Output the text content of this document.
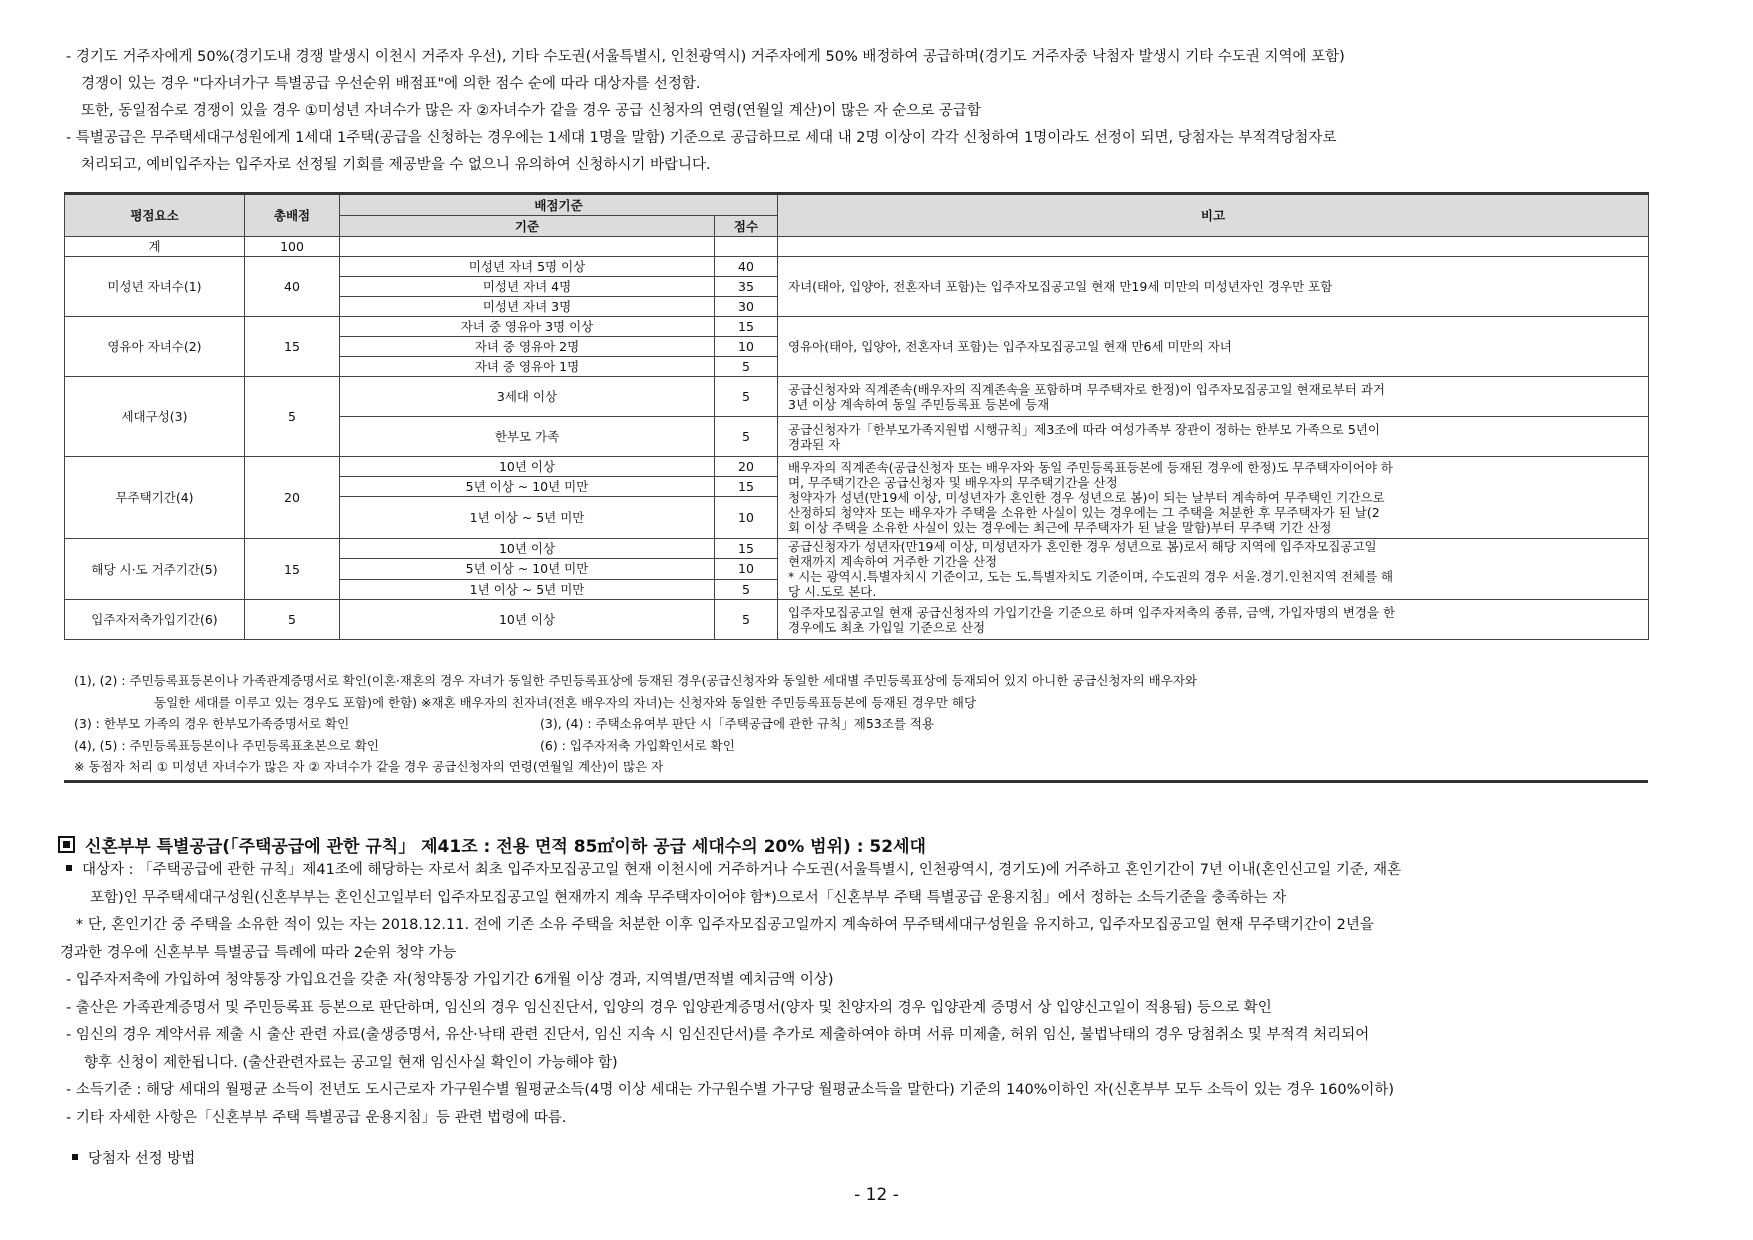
- 경기도 거주자에게 50%(경기도내 경쟁 발생시 이천시 거주자 우선), 기타 수도권(서울특별시, 인천광역시) 거주자에게 50% 배정하여 공급하며(경기도 거주자중 낙첨자 발생시 기타 수도권 지역에 포함)
경쟁이 있는 경우 "다자녀가구 특별공급 우선순위 배점표"에 의한 점수 순에 따라 대상자를 선정함.
또한, 동일점수로 경쟁이 있을 경우 ①미성년 자녀수가 많은 자 ②자녀수가 같을 경우 공급 신청자의 연령(연월일 계산)이 많은 자 순으로 공급함
- 특별공급은 무주택세대구성원에게 1세대 1주택(공급을 신청하는 경우에는 1세대 1명을 말함) 기준으로 공급하므로 세대 내 2명 이상이 각각 신청하여 1명이라도 선정이 되면, 당첨자는 부적격당첨자로
처리되고, 예비입주자는 입주자로 선정될 기회를 제공받을 수 없으니 유의하여 신청하시기 바랍니다.
평점요소	총배점	배점기준		비고
		기준	점수	
계	100			
미성년 자녀수(1)	40	미성년 자녀 5명 이상	40	자녀(태아, 입양아, 전혼자녀 포함)는 입주자모집공고일 현재 만19세 미만의 미성년자인 경우만 포함
		미성년 자녀 4명	35	
		미성년 자녀 3명	30	
영유아 자녀수(2)	15	자녀 중 영유아 3명 이상	15	영유아(태아, 입양아, 전혼자녀 포함)는 입주자모집공고일 현재 만6세 미만의 자녀
		자녀 중 영유아 2명	10	
		자녀 중 영유아 1명	5	
세대구성(3)	5	3세대 이상	5	공급신청자와 직계존속(배우자의 직계존속을 포함하며 무주택자로 한정)이 입주자모집공고일 현재로부터 과거
3년 이상 계속하여 동일 주민등록표 등본에 등재

		한부모 가족	5	공급신청자가「한부모가족지원법 시행규칙」제3조에 따라 여성가족부 장관이 정하는 한부모 가족으로 5년이
경과된 자

무주택기간(4)	20	10년 이상	20	배우자의 직계존속(공급신청자 또는 배우자와 동일 주민등록표등본에 등재된 경우에 한정)도 무주택자이어야 하
며, 무주택기간은 공급신청자 및 배우자의 무주택기간을 산정
청약자가 성년(만19세 이상, 미성년자가 혼인한 경우 성년으로 봄)이 되는 날부터 계속하여 무주택인 기간으로
산정하되 청약자 또는 배우자가 주택을 소유한 사실이 있는 경우에는 그 주택을 처분한 후 무주택자가 된 날(2
회 이상 주택을 소유한 사실이 있는 경우에는 최근에 무주택자가 된 날을 말함)부터 무주택 기간 산정

		5년 이상 ~ 10년 미만	15	
		1년 이상 ~ 5년 미만	10	
해당 시·도 거주기간(5)	15	10년 이상	15	공급신청자가 성년자(만19세 이상, 미성년자가 혼인한 경우 성년으로 봄)로서 해당 지역에 입주자모집공고일
현재까지 계속하여 거주한 기간을 산정
* 시는 광역시.특별자치시 기준이고, 도는 도.특별자치도 기준이며, 수도권의 경우 서울.경기.인천지역 전체를 해
당 시.도로 본다.

		5년 이상 ~ 10년 미만	10	
		1년 이상 ~ 5년 미만	5	
입주자저축가입기간(6)	5	10년 이상	5	입주자모집공고일 현재 공급신청자의 가입기간을 기준으로 하며 입주자저축의 종류, 금액, 가입자명의 변경을 한
경우에도 최초 가입일 기준으로 산정
(1), (2) : 주민등록표등본이나 가족관계증명서로 확인(이혼·재혼의 경우 자녀가 동일한 주민등록표상에 등재된 경우(공급신청자와 동일한 세대별 주민등록표상에 등재되어 있지 아니한 공급신청자의 배우자와
동일한 세대를 이루고 있는 경우도 포함)에 한함) ※재혼 배우자의 친자녀(전혼 배우자의 자녀)는 신청자와 동일한 주민등록표등본에 등재된 경우만 해당
(3) : 한부모 가족의 경우 한부모가족증명서로 확인	(3), (4) : 주택소유여부 판단 시「주택공급에 관한 규칙」제53조를 적용
(4), (5) : 주민등록표등본이나 주민등록표초본으로 확인	(6) : 입주자저축 가입확인서로 확인
※ 동점자 처리 ① 미성년 자녀수가 많은 자 ② 자녀수가 같을 경우 공급신청자의 연령(연월일 계산)이 많은 자
신혼부부 특별공급(「주택공급에 관한 규칙」 제41조 : 전용 면적 85㎡이하 공급 세대수의 20% 범위) : 52세대
대상자 : 「주택공급에 관한 규칙」제41조에 해당하는 자로서 최초 입주자모집공고일 현재 이천시에 거주하거나 수도권(서울특별시, 인천광역시, 경기도)에 거주하고 혼인기간이 7년 이내(혼인신고일 기준, 재혼
포함)인 무주택세대구성원(신혼부부는 혼인신고일부터 입주자모집공고일 현재까지 계속 무주택자이어야 함*)으로서「신혼부부 주택 특별공급 운용지침」에서 정하는 소득기준을 충족하는 자
* 단, 혼인기간 중 주택을 소유한 적이 있는 자는 2018.12.11. 전에 기존 소유 주택을 처분한 이후 입주자모집공고일까지 계속하여 무주택세대구성원을 유지하고, 입주자모집공고일 현재 무주택기간이 2년을
경과한 경우에 신혼부부 특별공급 특례에 따라 2순위 청약 가능
- 입주자저축에 가입하여 청약통장 가입요건을 갖춘 자(청약통장 가입기간 6개월 이상 경과, 지역별/면적별 예치금액 이상)
- 출산은 가족관계증명서 및 주민등록표 등본으로 판단하며, 임신의 경우 임신진단서, 입양의 경우 입양관계증명서(양자 및 친양자의 경우 입양관계 증명서 상 입양신고일이 적용됨) 등으로 확인
- 임신의 경우 계약서류 제출 시 출산 관련 자료(출생증명서, 유산·낙태 관련 진단서, 임신 지속 시 임신진단서)를 추가로 제출하여야 하며 서류 미제출, 허위 임신, 불법낙태의 경우 당첨취소 및 부적격 처리되어
향후 신청이 제한됩니다. (출산관련자료는 공고일 현재 임신사실 확인이 가능해야 함)
- 소득기준 : 해당 세대의 월평균 소득이 전년도 도시근로자 가구원수별 월평균소득(4명 이상 세대는 가구원수별 가구당 월평균소득을 말한다) 기준의 140%이하인 자(신혼부부 모두 소득이 있는 경우 160%이하)
- 기타 자세한 사항은「신혼부부 주택 특별공급 운용지침」등 관련 법령에 따름.
당첨자 선정 방법
- 12 -
